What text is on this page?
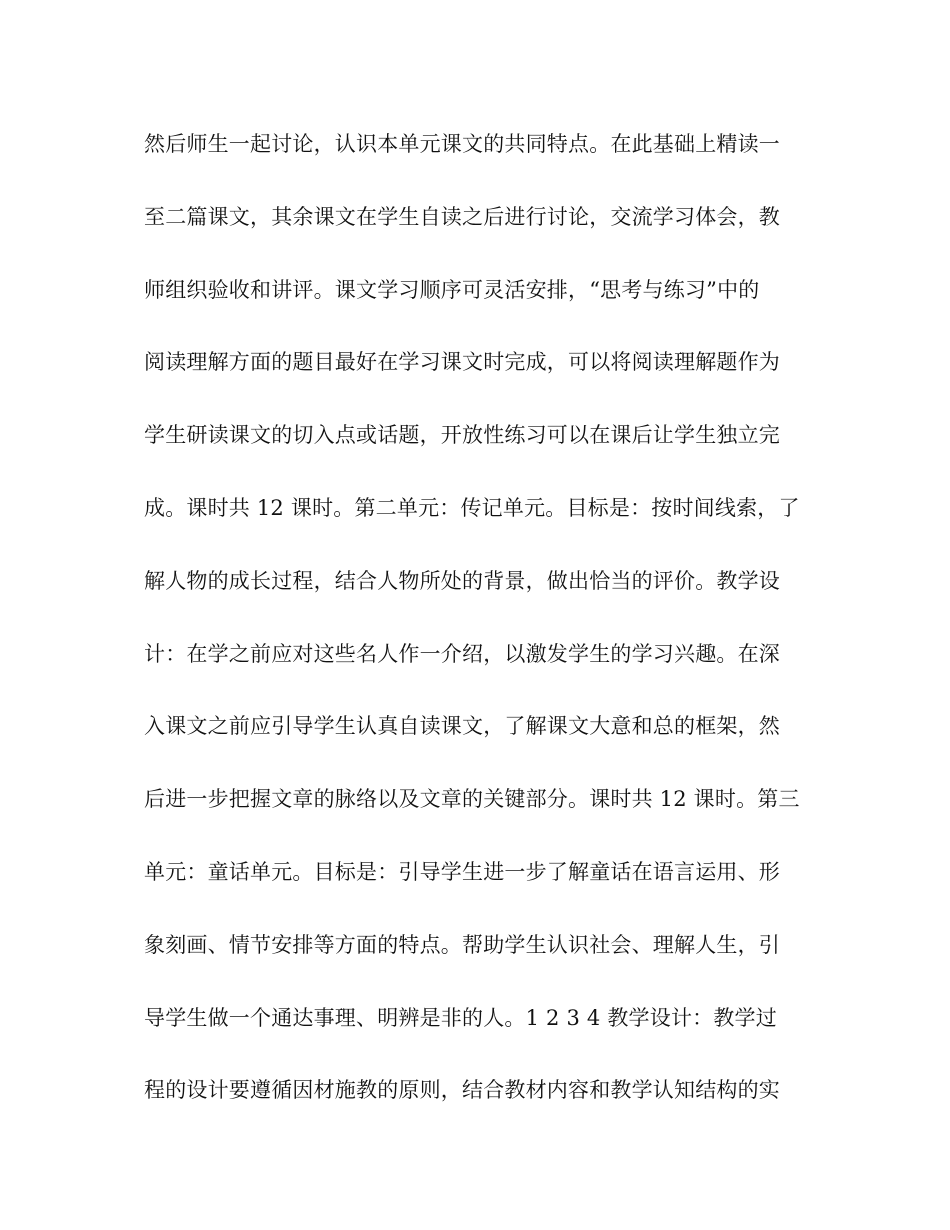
然后师生一起讨论，认识本单元课文的共同特点。在此基础上精读一
至二篇课文，其余课文在学生自读之后进行讨论，交流学习体会，教
师组织验收和讲评。课文学习顺序可灵活安排，“思考与练习”中的
阅读理解方面的题目最好在学习课文时完成，可以将阅读理解题作为
学生研读课文的切入点或话题，开放性练习可以在课后让学生独立完
成。课时共 12 课时。第二单元：传记单元。目标是：按时间线索，了
解人物的成长过程，结合人物所处的背景，做出恰当的评价。教学设
计：在学之前应对这些名人作一介绍，以激发学生的学习兴趣。在深
入课文之前应引导学生认真自读课文，了解课文大意和总的框架，然
后进一步把握文章的脉络以及文章的关键部分。课时共 12 课时。第三
单元：童话单元。目标是：引导学生进一步了解童话在语言运用、形
象刻画、情节安排等方面的特点。帮助学生认识社会、理解人生，引
导学生做一个通达事理、明辨是非的人。1 2 3 4 教学设计：教学过
程的设计要遵循因材施教的原则，结合教材内容和教学认知结构的实
